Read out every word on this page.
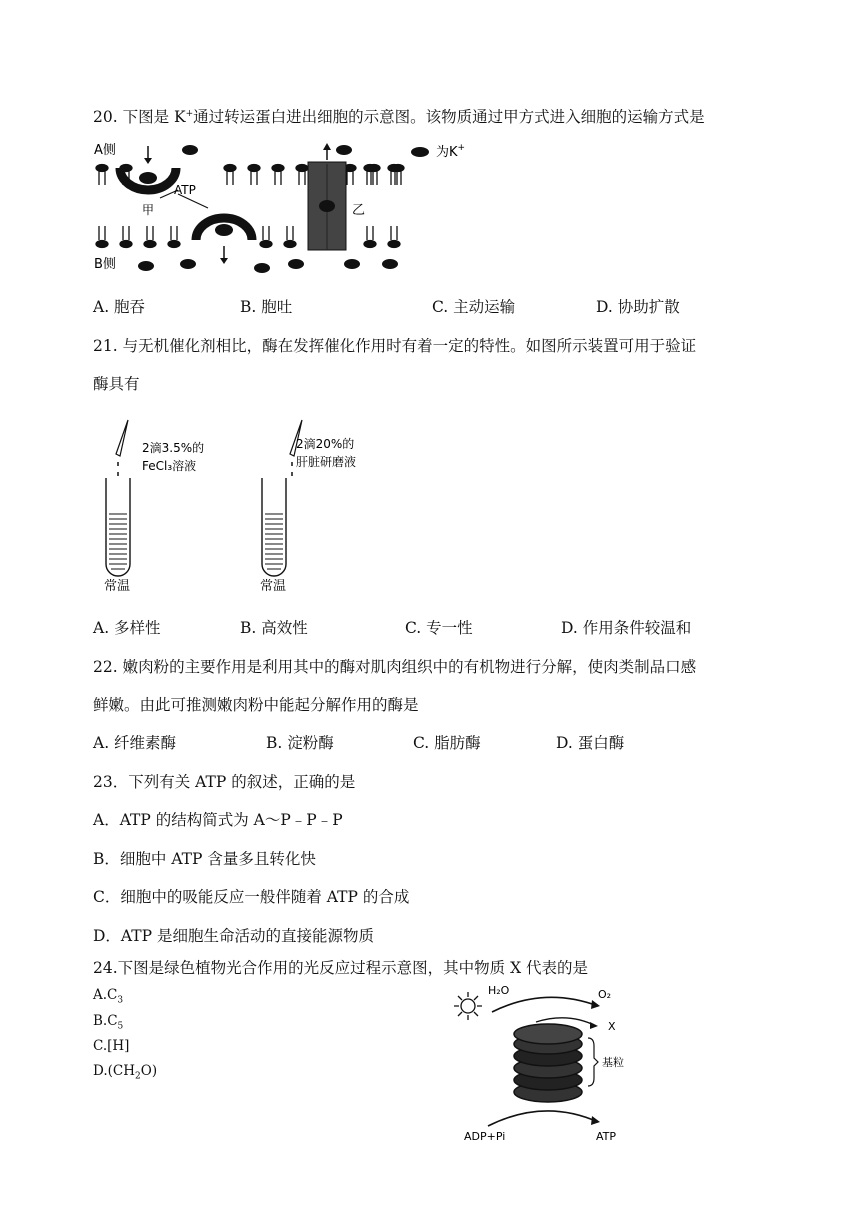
20. 下图是 K+通过转运蛋白进出细胞的示意图。该物质通过甲方式进入细胞的运输方式是
A侧
B侧
ATP
甲	乙
为K+
A. 胞吞	B. 胞吐	C. 主动运输	D. 协助扩散
21. 与无机催化剂相比，酶在发挥催化作用时有着一定的特性。如图所示装置可用于验证
酶具有
2滴3.5%的
FeCl₃溶液
常温
2滴20%的
肝脏研磨液
常温
A. 多样性	B. 高效性	C. 专一性	D. 作用条件较温和
22. 嫩肉粉的主要作用是利用其中的酶对肌肉组织中的有机物进行分解，使肉类制品口感
鲜嫩。由此可推测嫩肉粉中能起分解作用的酶是
A. 纤维素酶	B. 淀粉酶	C. 脂肪酶	D. 蛋白酶
23．下列有关 ATP 的叙述，正确的是
A．ATP 的结构简式为 A～P﹣P﹣P
B．细胞中 ATP 含量多且转化快
C．细胞中的吸能反应一般伴随着 ATP 的合成
D．ATP 是细胞生命活动的直接能源物质
24.下图是绿色植物光合作用的光反应过程示意图，其中物质 X 代表的是
$A.C_3$
$B.C_5$
C.[H]
$D.(CH_2O)$
H₂O	O₂
X
基粒
ADP+Pi	ATP
